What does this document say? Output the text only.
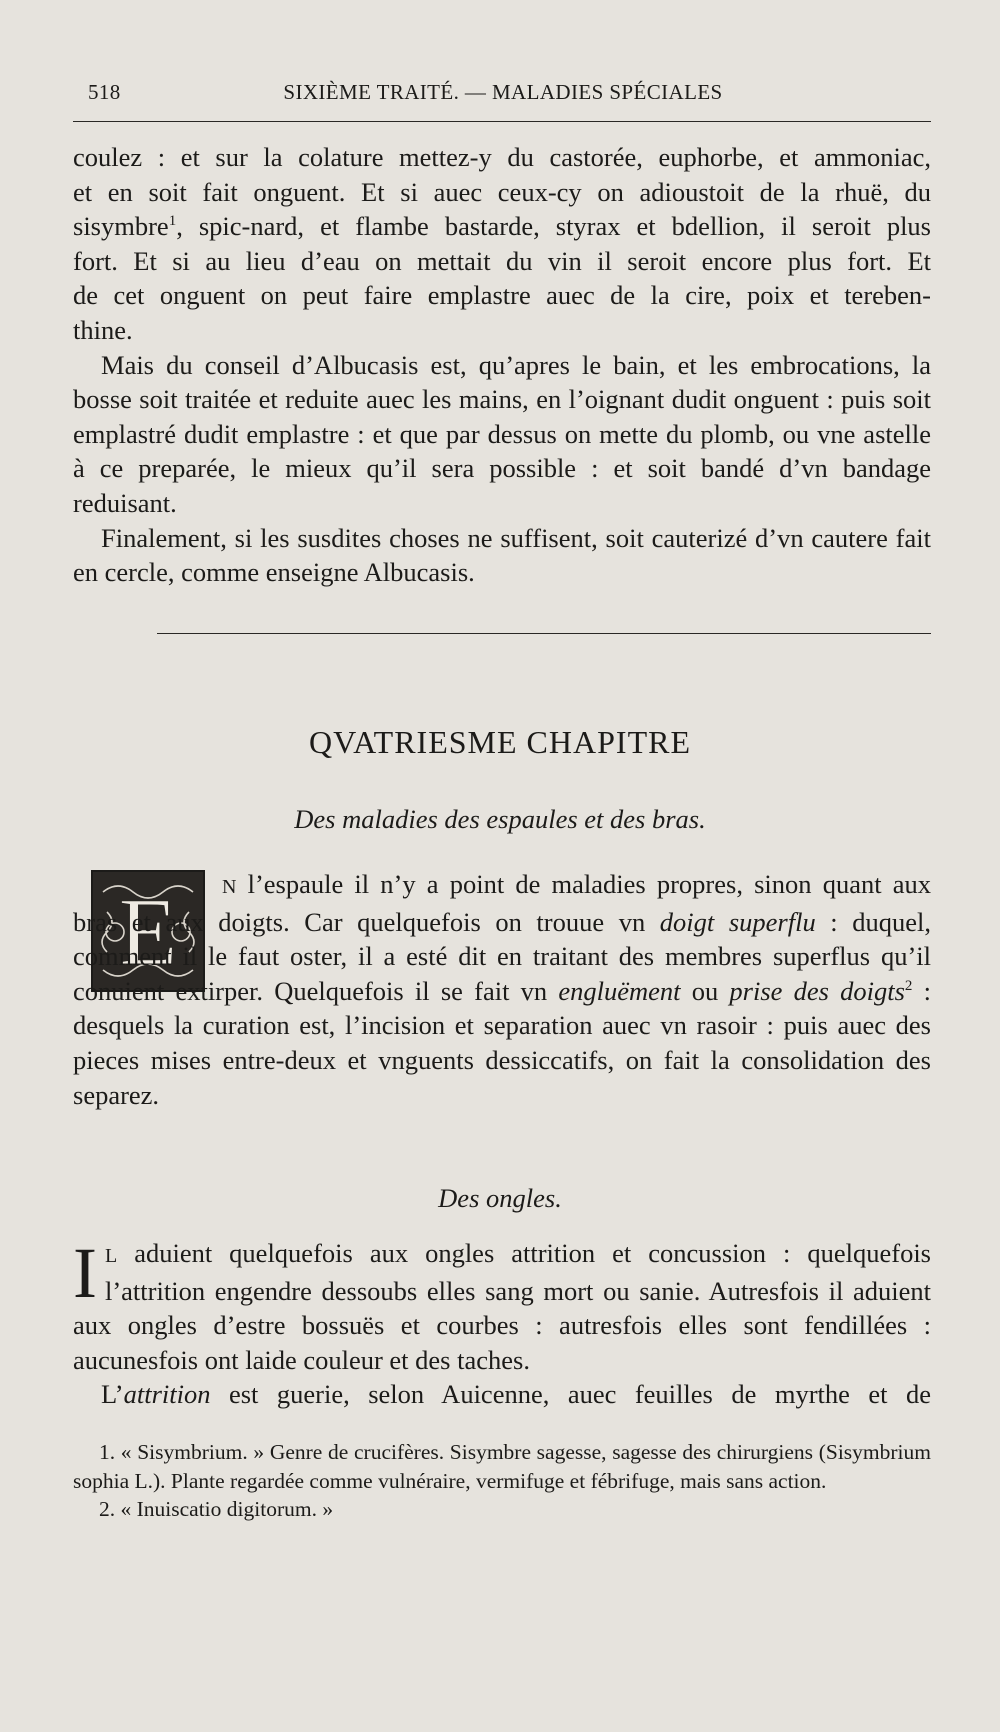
518	SIXIÈME TRAITÉ. — MALADIES SPÉCIALES

coulez : et sur la colature mettez-y du castorée, euphorbe, et ammoniac,
et en soit fait onguent. Et si auec ceux-cy on adioustoit de la rhuë, du
sisymbre$^1$, spic-nard, et flambe bastarde, styrax et bdellion, il seroit plus
fort. Et si au lieu d’eau on mettait du vin il seroit encore plus fort. Et
de cet onguent on peut faire emplastre auec de la cire, poix et tereben-
thine.

Mais du conseil d’Albucasis est, qu’apres le bain, et les embrocations, la bosse soit traitée et reduite auec les mains, en l’oignant dudit onguent : puis soit emplastré dudit emplastre : et que par dessus on mette du plomb, ou vne astelle à ce preparée, le mieux qu’il sera possible : et soit bandé d’vn bandage reduisant.

Finalement, si les susdites choses ne suffisent, soit cauterizé d’vn cautere fait en cercle, comme enseigne Albucasis.

QVATRIESME CHAPITRE
Des maladies des espaules et des bras.
E	N l’espaule il n’y a point de maladies propres, sinon quant aux bras et aux doigts. Car quelquefois on trouue vn doigt superflu : duquel, comment il le faut oster, il a esté dit en traitant des membres superflus qu’il conuient extirper. Quelquefois il se fait vn engluëment ou prise des doigts$^2$ : desquels la curation est, l’incision et separation auec vn rasoir : puis auec des pieces mises entre-deux et vnguents dessiccatifs, on fait la consolidation des separez.

Des ongles.

IL aduient quelquefois aux ongles attrition et concussion : quelquefois l’attrition engendre dessoubs elles sang mort ou sanie. Autresfois il aduient aux ongles d’estre bossuës et courbes : autresfois elles sont fendillées : aucunesfois ont laide couleur et des taches.

L’attrition est guerie, selon Auicenne, auec feuilles de myrthe et de

1. « Sisymbrium. » Genre de crucifères. Sisymbre sagesse, sagesse des chirurgiens (Sisymbrium sophia L.). Plante regardée comme vulnéraire, vermifuge et fébrifuge, mais sans action.

2. « Inuiscatio digitorum. »
